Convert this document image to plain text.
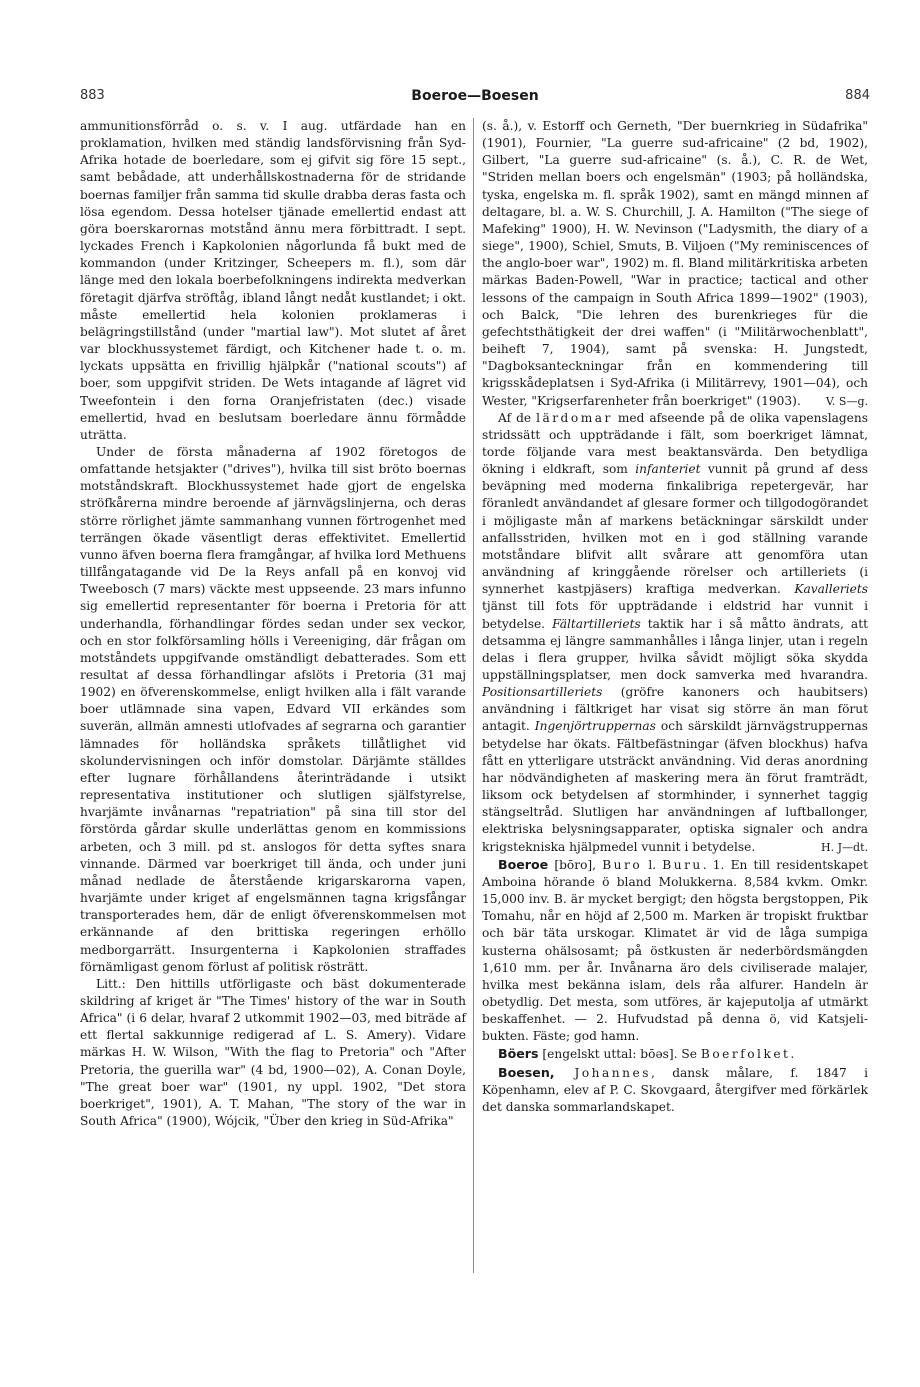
883	Boeroe—Boesen	884

ammunitionsförråd o. s. v. I aug. utfärdade han en proklamation, hvilken med ständig landsförvisning från Syd-Afrika hotade de boerledare, som ej gifvit sig före 15 sept., samt bebådade, att underhållskostnaderna för de stridande boernas familjer från samma tid skulle drabba deras fasta och lösa egendom. Dessa hotelser tjänade emellertid endast att göra boerskarornas motstånd ännu mera förbittradt. I sept. lyckades French i Kapkolonien någorlunda få bukt med de kommandon (under Kritzinger, Scheepers m. fl.), som där länge med den lokala boerbefolkningens indirekta medverkan företagit djärfva ströftåg, ibland långt nedåt kustlandet; i okt. måste emellertid hela kolonien proklameras i belägringstillstånd (under "martial law"). Mot slutet af året var blockhussystemet färdigt, och Kitchener hade t. o. m. lyckats uppsätta en frivillig hjälpkår ("national scouts") af boer, som uppgifvit striden. De Wets intagande af lägret vid Tweefontein i den forna Oranjefristaten (dec.) visade emellertid, hvad en beslutsam boerledare ännu förmådde uträtta.

Under de första månaderna af 1902 företogos de omfattande hetsjakter ("drives"), hvilka till sist bröto boernas motståndskraft. Blockhussystemet hade gjort de engelska ströfkårerna mindre beroende af järnvägslinjerna, och deras större rörlighet jämte sammanhang vunnen förtrogenhet med terrängen ökade väsentligt deras effektivitet. Emellertid vunno äfven boerna flera framgångar, af hvilka lord Methuens tillfångatagande vid De la Reys anfall på en konvoj vid Tweebosch (7 mars) väckte mest uppseende. 23 mars infunno sig emellertid representanter för boerna i Pretoria för att underhandla, förhandlingar fördes sedan under sex veckor, och en stor folkförsamling hölls i Vereeniging, där frågan om motståndets uppgifvande omständligt debatterades. Som ett resultat af dessa förhandlingar afslöts i Pretoria (31 maj 1902) en öfverenskommelse, enligt hvilken alla i fält varande boer utlämnade sina vapen, Edvard VII erkändes som suverän, allmän amnesti utlofvades af segrarna och garantier lämnades för holländska språkets tillåtlighet vid skolundervisningen och inför domstolar. Därjämte ställdes efter lugnare förhållandens återinträdande i utsikt representativa institutioner och slutligen själfstyrelse, hvarjämte invånarnas "repatriation" på sina till stor del förstörda gårdar skulle underlättas genom en kommissions arbeten, och 3 mill. pd st. anslogos för detta syftes snara vinnande. Därmed var boerkriget till ända, och under juni månad nedlade de återstående krigarskarorna vapen, hvarjämte under kriget af engelsmännen tagna krigsfångar transporterades hem, där de enligt öfverenskommelsen mot erkännande af den brittiska regeringen erhöllo medborgarrätt. Insurgenterna i Kapkolonien straffades förnämligast genom förlust af politisk rösträtt.

Litt.: Den hittills utförligaste och bäst dokumenterade skildring af kriget är "The Times' history of the war in South Africa" (i 6 delar, hvaraf 2 utkommit 1902—03, med biträde af ett flertal sakkunnige redigerad af L. S. Amery). Vidare märkas H. W. Wilson, "With the flag to Pretoria" och "After Pretoria, the guerilla war" (4 bd, 1900—02), A. Conan Doyle, "The great boer war" (1901, ny uppl. 1902, "Det stora boerkriget", 1901), A. T. Mahan, "The story of the war in South Africa" (1900), Wójcik, "Über den krieg in Süd-Afrika"

(s. å.), v. Estorff och Gerneth, "Der buernkrieg in Südafrika" (1901), Fournier, "La guerre sud-africaine" (2 bd, 1902), Gilbert, "La guerre sud-africaine" (s. å.), C. R. de Wet, "Striden mellan boers och engelsmän" (1903; på holländska, tyska, engelska m. fl. språk 1902), samt en mängd minnen af deltagare, bl. a. W. S. Churchill, J. A. Hamilton ("The siege of Mafeking" 1900), H. W. Nevinson ("Ladysmith, the diary of a siege", 1900), Schiel, Smuts, B. Viljoen ("My reminiscences of the anglo-boer war", 1902) m. fl. Bland militärkritiska arbeten märkas Baden-Powell, "War in practice; tactical and other lessons of the campaign in South Africa 1899—1902" (1903), och Balck, "Die lehren des burenkrieges für die gefechtsthätigkeit der drei waffen" (i "Militärwochenblatt", beiheft 7, 1904), samt på svenska: H. Jungstedt, "Dagboksanteckningar från en kommendering till krigsskådeplatsen i Syd-Afrika (i Militärrevy, 1901—04), och Wester, "Krigserfarenheter från boerkriget" (1903). V. S—g.

Af de lärdomar med afseende på de olika vapenslagens stridssätt och uppträdande i fält, som boerkriget lämnat, torde följande vara mest beaktansvärda. Den betydliga ökning i eldkraft, som infanteriet vunnit på grund af dess beväpning med moderna finkalibriga repetergevär, har föranledt användandet af glesare former och tillgodogörandet i möjligaste mån af markens betäckningar särskildt under anfallsstriden, hvilken mot en i god ställning varande motståndare blifvit allt svårare att genomföra utan användning af kringgående rörelser och artilleriets (i synnerhet kastpjäsers) kraftiga medverkan. Kavalleriets tjänst till fots för uppträdande i eldstrid har vunnit i betydelse. Fältartilleriets taktik har i så måtto ändrats, att detsamma ej längre sammanhålles i långa linjer, utan i regeln delas i flera grupper, hvilka såvidt möjligt söka skydda uppställningsplatser, men dock samverka med hvarandra. Positionsartilleriets (gröfre kanoners och haubitsers) användning i fältkriget har visat sig större än man förut antagit. Ingenjörtruppernas och särskildt järnvägstruppernas betydelse har ökats. Fältbefästningar (äfven blockhus) hafva fått en ytterligare utsträckt användning. Vid deras anordning har nödvändigheten af maskering mera än förut framträdt, liksom ock betydelsen af stormhinder, i synnerhet taggig stängseltråd. Slutligen har användningen af luftballonger, elektriska belysningsapparater, optiska signaler och andra krigstekniska hjälpmedel vunnit i betydelse.	H. J—dt.

Boeroe [bōro], Buro l. Buru. 1. En till residentskapet Amboina hörande ö bland Molukkerna. 8,584 kvkm. Omkr. 15,000 inv. B. är mycket bergigt; den högsta bergstoppen, Pik Tomahu, når en höjd af 2,500 m. Marken är tropiskt fruktbar och bär täta urskogar. Klimatet är vid de låga sumpiga kusterna ohälsosamt; på östkusten är nederbördsmängden 1,610 mm. per år. Invånarna äro dels civiliserade malajer, hvilka mest bekänna islam, dels råa alfurer. Handeln är obetydlig. Det mesta, som utföres, är kajeputolja af utmärkt beskaffenhet. — 2. Hufvudstad på denna ö, vid Katsjeli-bukten. Fäste; god hamn.

Böers [engelskt uttal: bōəs]. Se Boerfolket.

Boesen, Johannes, dansk målare, f. 1847 i Köpenhamn, elev af P. C. Skovgaard, återgifver med förkärlek det danska sommarlandskapet.
